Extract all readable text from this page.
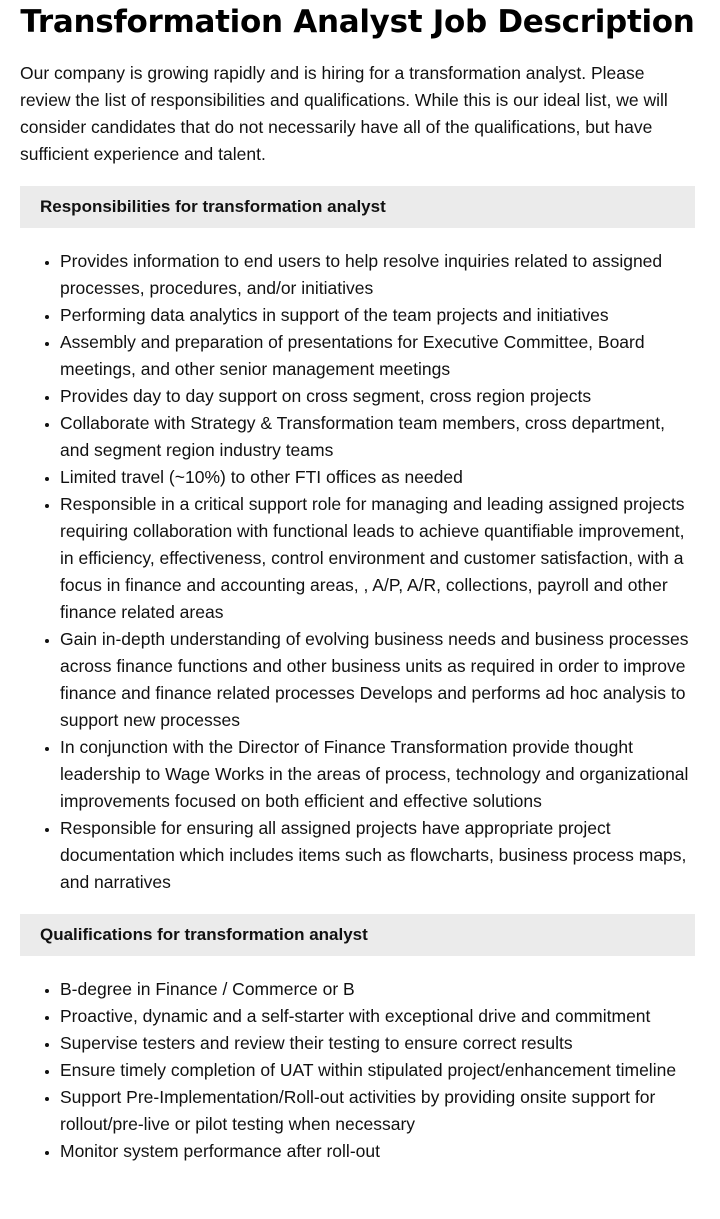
Transformation Analyst Job Description

Our company is growing rapidly and is hiring for a transformation analyst. Please review the list of responsibilities and qualifications. While this is our ideal list, we will consider candidates that do not necessarily have all of the qualifications, but have sufficient experience and talent.

Responsibilities for transformation analyst
• Provides information to end users to help resolve inquiries related to assigned processes, procedures, and/or initiatives
• Performing data analytics in support of the team projects and initiatives
• Assembly and preparation of presentations for Executive Committee, Board meetings, and other senior management meetings
• Provides day to day support on cross segment, cross region projects
• Collaborate with Strategy & Transformation team members, cross department, and segment region industry teams
• Limited travel (~10%) to other FTI offices as needed
• Responsible in a critical support role for managing and leading assigned projects requiring collaboration with functional leads to achieve quantifiable improvement, in efficiency, effectiveness, control environment and customer satisfaction, with a focus in finance and accounting areas, , A/P, A/R, collections, payroll and other finance related areas
• Gain in-depth understanding of evolving business needs and business processes across finance functions and other business units as required in order to improve finance and finance related processes Develops and performs ad hoc analysis to support new processes
• In conjunction with the Director of Finance Transformation provide thought leadership to Wage Works in the areas of process, technology and organizational improvements focused on both efficient and effective solutions
• Responsible for ensuring all assigned projects have appropriate project documentation which includes items such as flowcharts, business process maps, and narratives
Qualifications for transformation analyst
• B-degree in Finance / Commerce or B
• Proactive, dynamic and a self-starter with exceptional drive and commitment
• Supervise testers and review their testing to ensure correct results
• Ensure timely completion of UAT within stipulated project/enhancement timeline
• Support Pre-Implementation/Roll-out activities by providing onsite support for rollout/pre-live or pilot testing when necessary
• Monitor system performance after roll-out
